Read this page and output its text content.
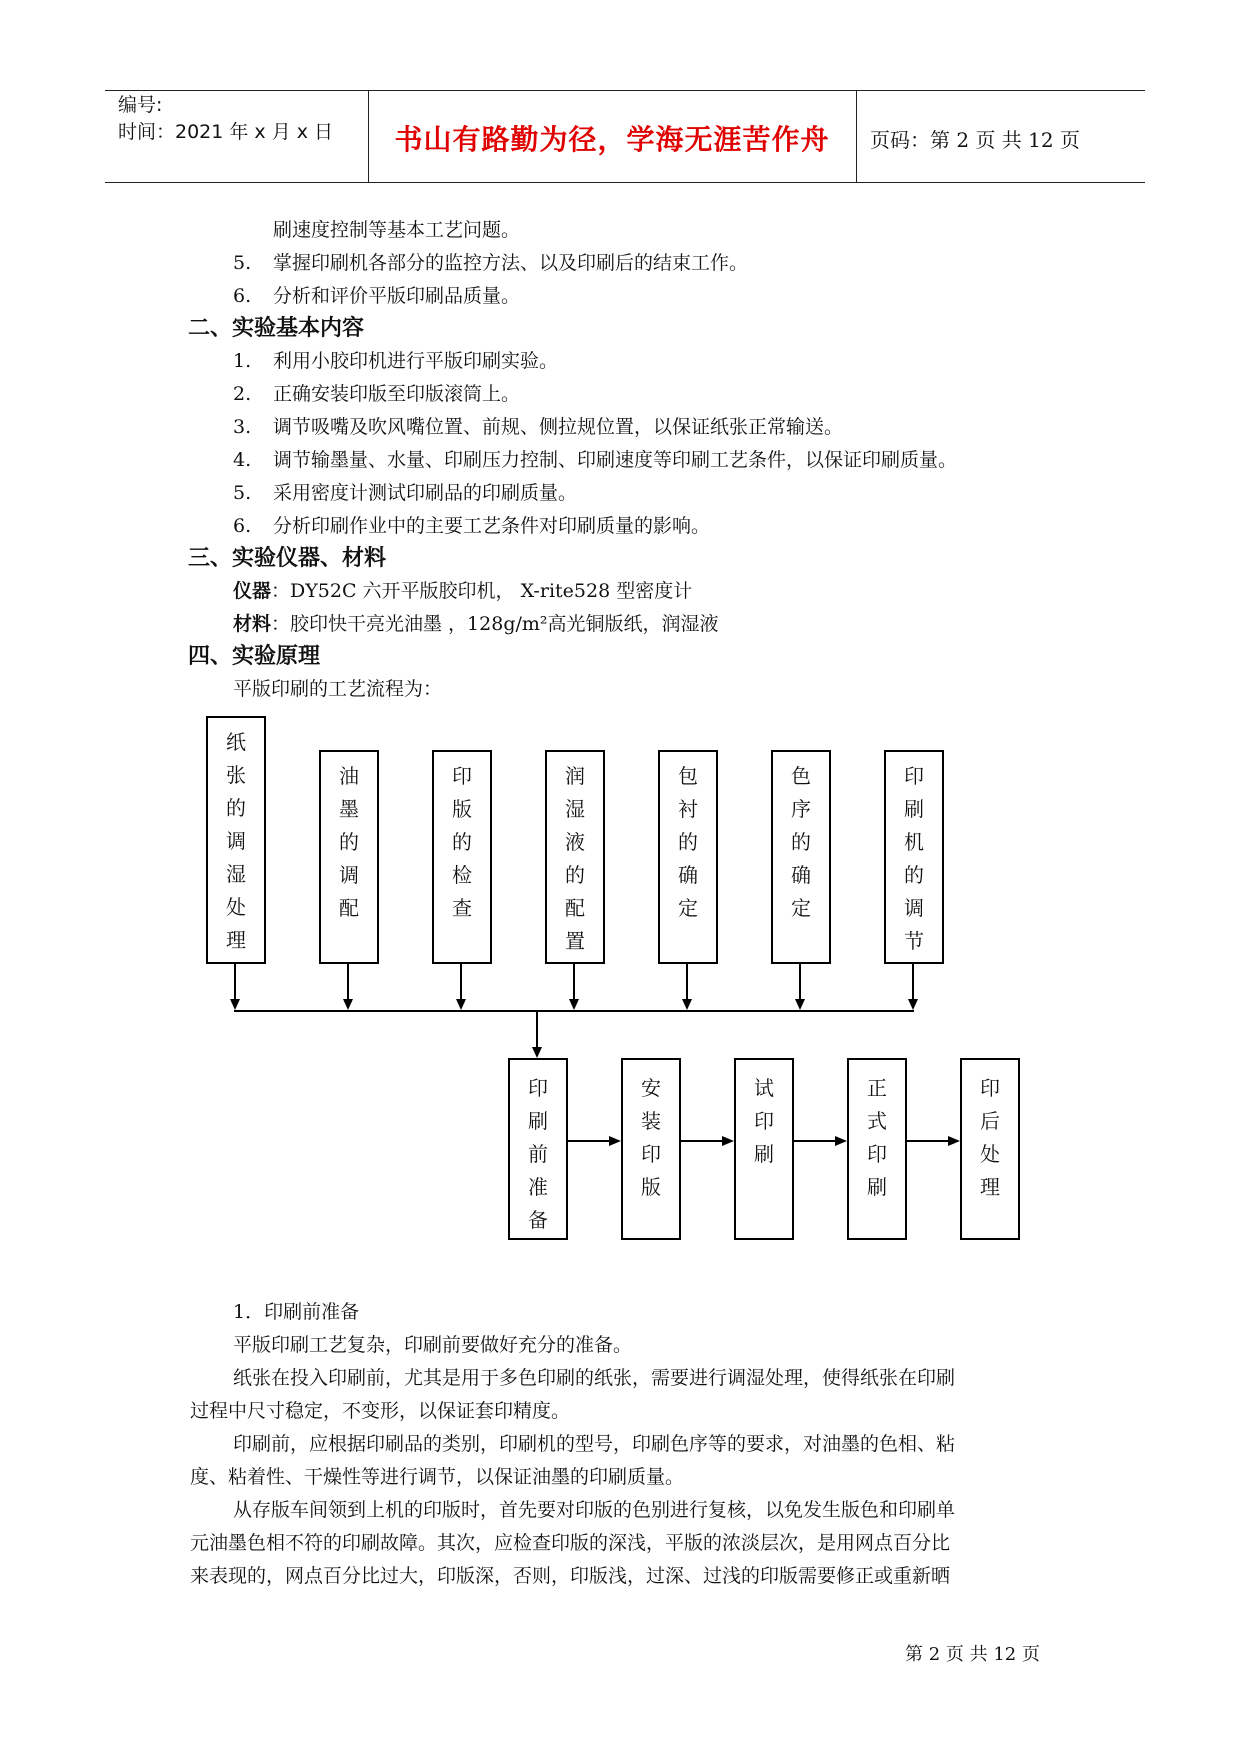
编号:
时间：2021 年 x 月 x 日	书山有路勤为径，学海无涯苦作舟	页码：第 2 页 共 12 页
刷速度控制等基本工艺问题。
5. 掌握印刷机各部分的监控方法、以及印刷后的结束工作。
6. 分析和评价平版印刷品质量。
二、实验基本内容
1. 利用小胶印机进行平版印刷实验。
2. 正确安装印版至印版滚筒上。
3. 调节吸嘴及吹风嘴位置、前规、侧拉规位置，以保证纸张正常输送。
4. 调节输墨量、水量、印刷压力控制、印刷速度等印刷工艺条件，以保证印刷质量。
5. 采用密度计测试印刷品的印刷质量。
6. 分析印刷作业中的主要工艺条件对印刷质量的影响。
三、实验仪器、材料
仪器：DY52C 六开平版胶印机， X-rite528 型密度计
材料：胶印快干亮光油墨 ，128g/m²高光铜版纸，润湿液
四、实验原理
平版印刷的工艺流程为：
纸
张
的
调
湿
处
理
油
墨
的
调
配
印
版
的
检
查
润
湿
液
的
配
置
包
衬
的
确
定
色
序
的
确
定
印
刷
机
的
调
节
印
刷
前
准
备
安
装
印
版
试
印
刷
正
式
印
刷
印
后
处
理
1．印刷前准备
平版印刷工艺复杂，印刷前要做好充分的准备。
纸张在投入印刷前，尤其是用于多色印刷的纸张，需要进行调湿处理，使得纸张在印刷
过程中尺寸稳定，不变形，以保证套印精度。
印刷前，应根据印刷品的类别，印刷机的型号，印刷色序等的要求，对油墨的色相、粘
度、粘着性、干燥性等进行调节，以保证油墨的印刷质量。
从存版车间领到上机的印版时，首先要对印版的色别进行复核，以免发生版色和印刷单
元油墨色相不符的印刷故障。其次，应检查印版的深浅，平版的浓淡层次，是用网点百分比
来表现的，网点百分比过大，印版深，否则，印版浅，过深、过浅的印版需要修正或重新晒
第 2 页 共 12 页
